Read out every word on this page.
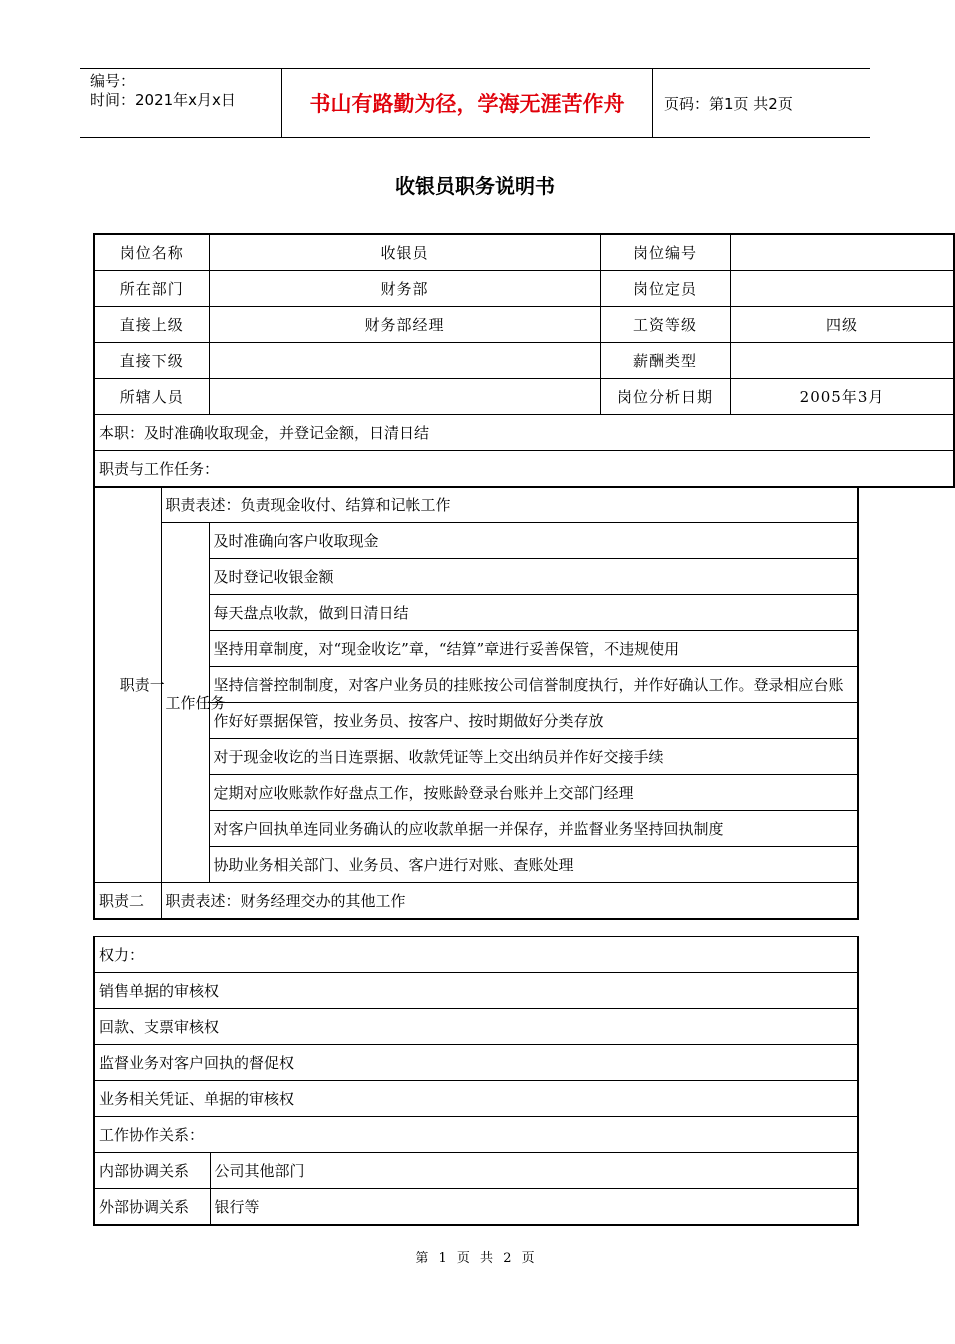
编号：
时间：2021年x月x日	书山有路勤为径，学海无涯苦作舟	页码：第1页 共2页
收银员职务说明书
岗位名称	收银员	岗位编号	
所在部门	财务部	岗位定员	
直接上级	财务部经理	工资等级	四级
直接下级		薪酬类型	
所辖人员		岗位分析日期	2005年3月
本职：及时准确收取现金，并登记金额，日清日结			
职责与工作任务：			
职责一	职责表述：负责现金收付、结算和记帐工作	
	工作任务	及时准确向客户收取现金
		及时登记收银金额
		每天盘点收款，做到日清日结
		坚持用章制度，对“现金收讫”章，“结算”章进行妥善保管，不违规使用
		坚持信誉控制制度，对客户业务员的挂账按公司信誉制度执行，并作好确认工作。登录相应台账
		作好好票据保管，按业务员、按客户、按时期做好分类存放
		对于现金收讫的当日连票据、收款凭证等上交出纳员并作好交接手续
		定期对应收账款作好盘点工作，按账龄登录台账并上交部门经理
		对客户回执单连同业务确认的应收款单据一并保存，并监督业务坚持回执制度
		协助业务相关部门、业务员、客户进行对账、查账处理
职责二	职责表述：财务经理交办的其他工作	
权力：	
销售单据的审核权	
回款、支票审核权	
监督业务对客户回执的督促权	
业务相关凭证、单据的审核权	
工作协作关系：	
内部协调关系	公司其他部门
外部协调关系	银行等
第 1 页 共 2 页
